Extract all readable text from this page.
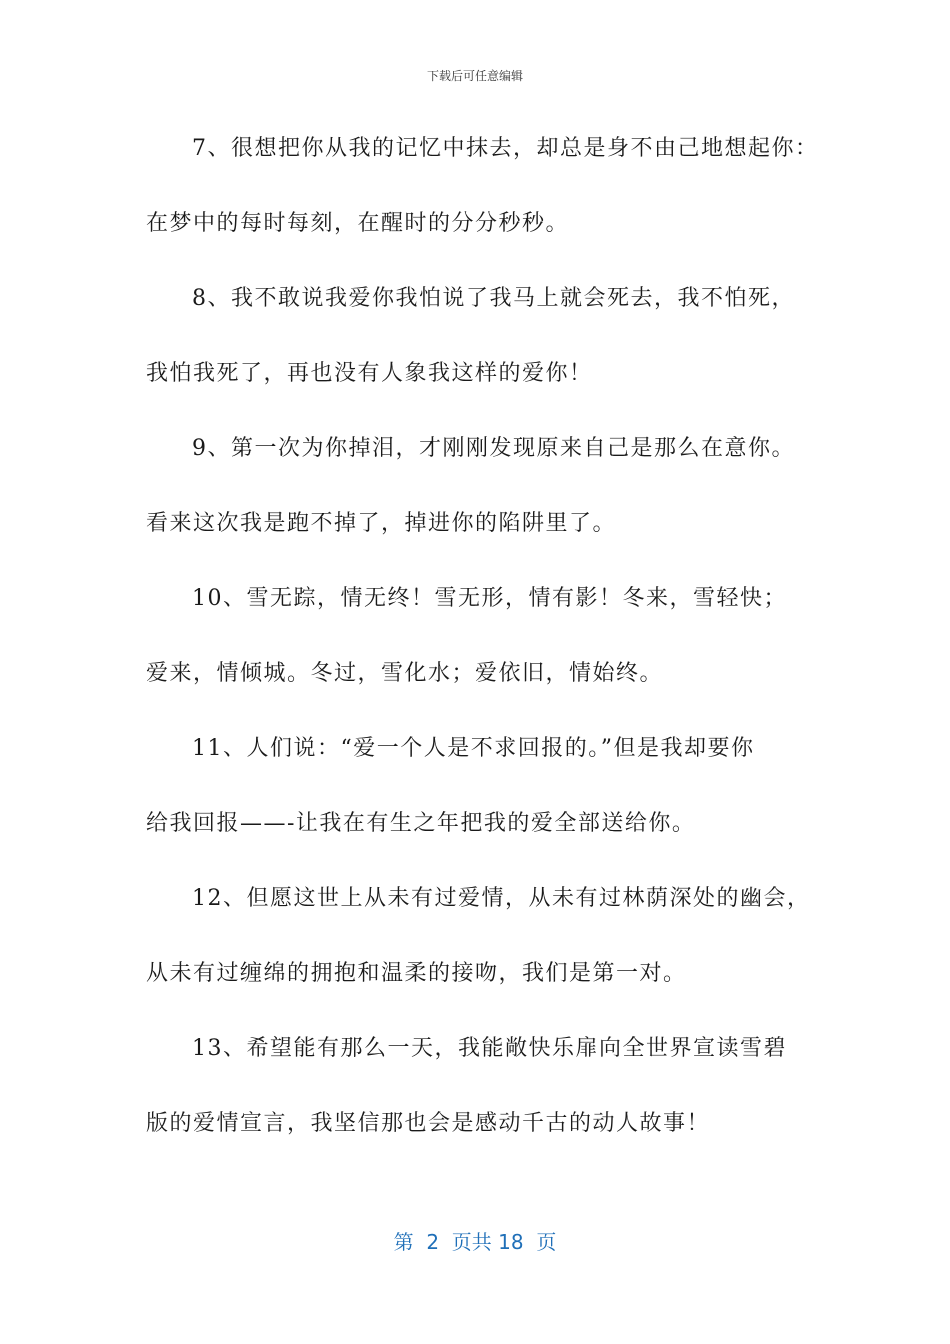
下载后可任意编辑
7、很想把你从我的记忆中抹去，却总是身不由己地想起你：
在梦中的每时每刻，在醒时的分分秒秒。
8、我不敢说我爱你我怕说了我马上就会死去，我不怕死，
我怕我死了，再也没有人象我这样的爱你！
9、第一次为你掉泪，才刚刚发现原来自己是那么在意你。
看来这次我是跑不掉了，掉进你的陷阱里了。
10、雪无踪，情无终！雪无形，情有影！冬来，雪轻快；
爱来，情倾城。冬过，雪化水；爱依旧，情始终。
11、人们说：“爱一个人是不求回报的。”但是我却要你
给我回报——-让我在有生之年把我的爱全部送给你。
12、但愿这世上从未有过爱情，从未有过林荫深处的幽会，
从未有过缠绵的拥抱和温柔的接吻，我们是第一对。
13、希望能有那么一天，我能敞快乐扉向全世界宣读雪碧
版的爱情宣言，我坚信那也会是感动千古的动人故事！
第  2  页共 18  页
